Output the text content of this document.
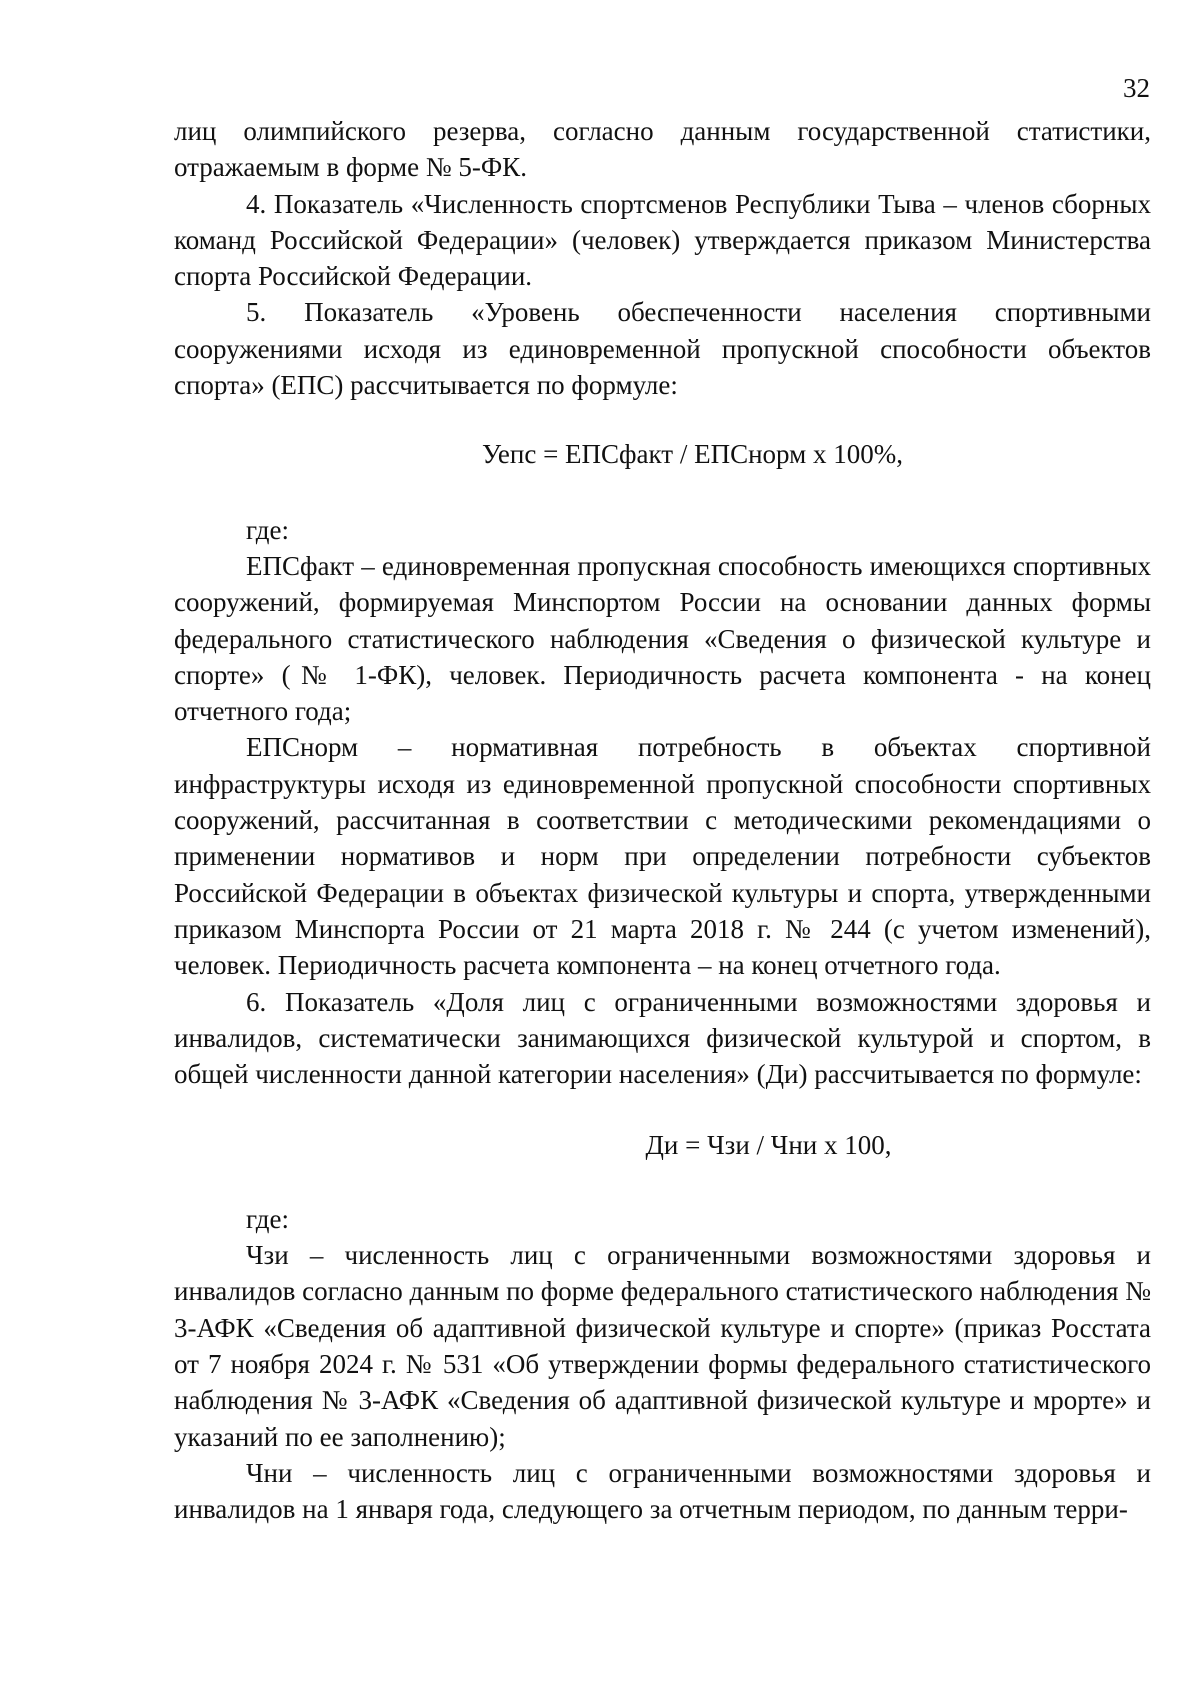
32

лиц олимпийского резерва, согласно данным государственной статистики, отражаемым в форме № 5-ФК.

4. Показатель «Численность спортсменов Республики Тыва – членов сборных команд Российской Федерации» (человек) утверждается приказом Министерства спорта Российской Федерации.

5. Показатель «Уровень обеспеченности населения спортивными сооружениями исходя из единовременной пропускной способности объектов спорта» (ЕПС) рассчитывается по формуле:

Уепс = ЕПСфакт / ЕПСнорм х 100%,

где:

ЕПСфакт – единовременная пропускная способность имеющихся спортивных сооружений, формируемая Минспортом России на основании данных формы федерального статистического наблюдения «Сведения о физической культуре и спорте» (№ 1-ФК), человек. Периодичность расчета компонента - на конец отчетного года;

ЕПСнорм – нормативная потребность в объектах спортивной инфраструктуры исходя из единовременной пропускной способности спортивных сооружений, рассчитанная в соответствии с методическими рекомендациями о применении нормативов и норм при определении потребности субъектов Российской Федерации в объектах физической культуры и спорта, утвержденными приказом Минспорта России от 21 марта 2018 г. № 244 (с учетом изменений), человек. Периодичность расчета компонента – на конец отчетного года.

6. Показатель «Доля лиц с ограниченными возможностями здоровья и инвалидов, систематически занимающихся физической культурой и спортом, в общей численности данной категории населения» (Ди) рассчитывается по формуле:

Ди = Чзи / Чни х 100,

где:

Чзи – численность лиц с ограниченными возможностями здоровья и инвалидов согласно данным по форме федерального статистического наблюдения № 3-АФК «Сведения об адаптивной физической культуре и спорте» (приказ Росстата от 7 ноября 2024 г. № 531 «Об утверждении формы федерального статистического наблюдения № 3-АФК «Сведения об адаптивной физической культуре и мрорте» и указаний по ее заполнению);

Чни – численность лиц с ограниченными возможностями здоровья и инвалидов на 1 января года, следующего за отчетным периодом, по данным терри-
